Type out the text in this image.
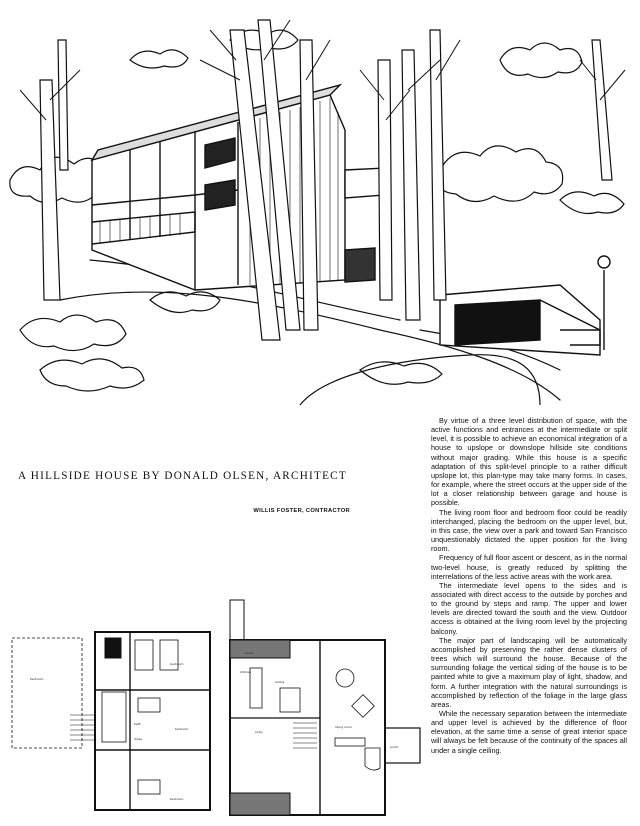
A HILLSIDE HOUSE BY DONALD OLSEN, ARCHITECT
WILLIS FOSTER, CONTRACTOR

By virtue of a three level distribution of space, with the active functions and entrances at the intermediate or split level, it is possible to achieve an economical integration of a house to upslope or downslope hillside site conditions without major grading. While this house is a specific adaptation of this split-level principle to a rather difficult upslope lot, this plan-type may take many forms. In cases, for example, where the street occurs at the upper side of the lot a closer relationship between garage and house is possible.

The living room floor and bedroom floor could be readily interchanged, placing the bedroom on the upper level, but, in this case, the view over a park and toward San Francisco unquestionably dictated the upper position for the living room.

Frequency of full floor ascent or descent, as in the normal two-level house, is greatly reduced by splitting the interrelations of the less active areas with the work area.

The intermediate level opens to the sides and is associated with direct access to the outside by porches and to the ground by steps and ramp. The upper and lower levels are directed toward the south and the view. Outdoor access is obtained at the living room level by the projecting balcony.

The major part of landscaping will be automatically accomplished by preserving the rather dense clusters of trees which will surround the house. Because of the surrounding foliage the vertical siding of the house is to be painted white to give a maximum play of light, shadow, and form. A further integration with the natural surroundings is accomplished by reflection of the foliage in the large glass areas.

While the necessary separation between the intermediate and upper level is achieved by the difference of floor elevation, at the same time a sense of great interior space will always be felt because of the continuity of the spaces all under a single ceiling.

bedroom
bedroom
bedroom
bath
dress
bedroom
entry
kitchen
dining
living room
porch
porch
